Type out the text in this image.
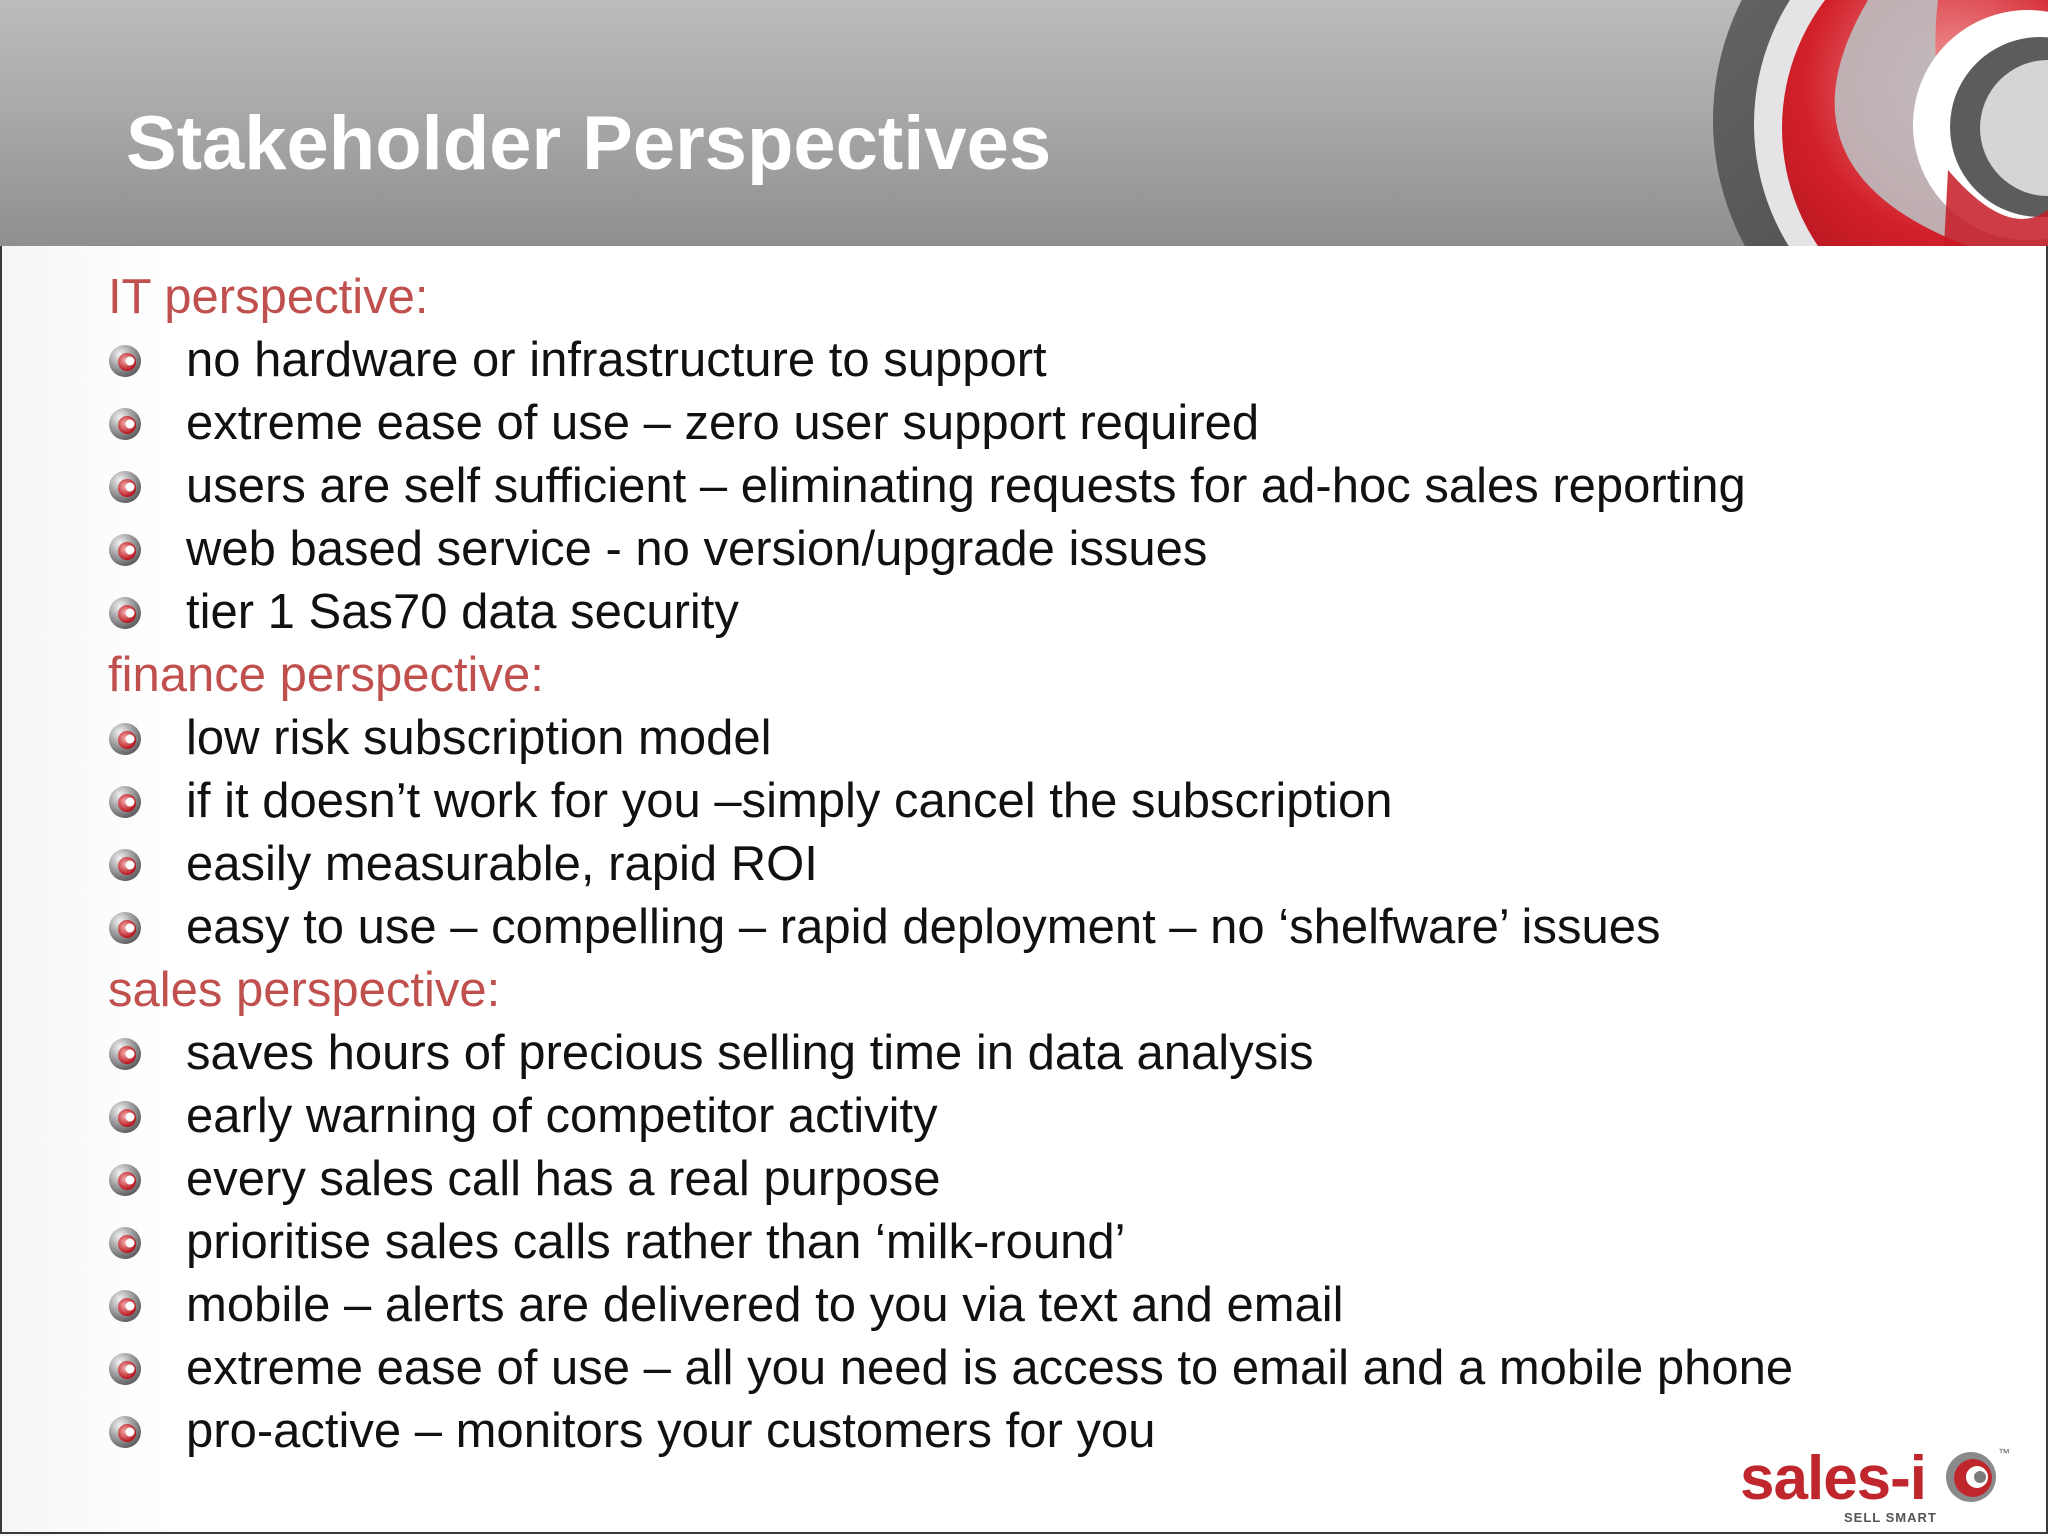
Stakeholder Perspectives
IT perspective:
no hardware or infrastructure to support
extreme ease of use – zero user support required
users are self sufficient – eliminating requests for ad-hoc sales reporting
web based service - no version/upgrade issues
tier 1 Sas70 data security
finance perspective:
low risk subscription model
if it doesn’t work for you –simply cancel the subscription
easily measurable, rapid ROI
easy to use – compelling – rapid deployment – no ‘shelfware’ issues
sales perspective:
saves hours of precious selling time in data analysis
early warning of competitor activity
every sales call has a real purpose
prioritise sales calls rather than ‘milk-round’
mobile – alerts are delivered to you via text and email
extreme ease of use – all you need is access to email and a mobile phone
pro-active – monitors your customers for you
sales-i	™
SELL SMART
